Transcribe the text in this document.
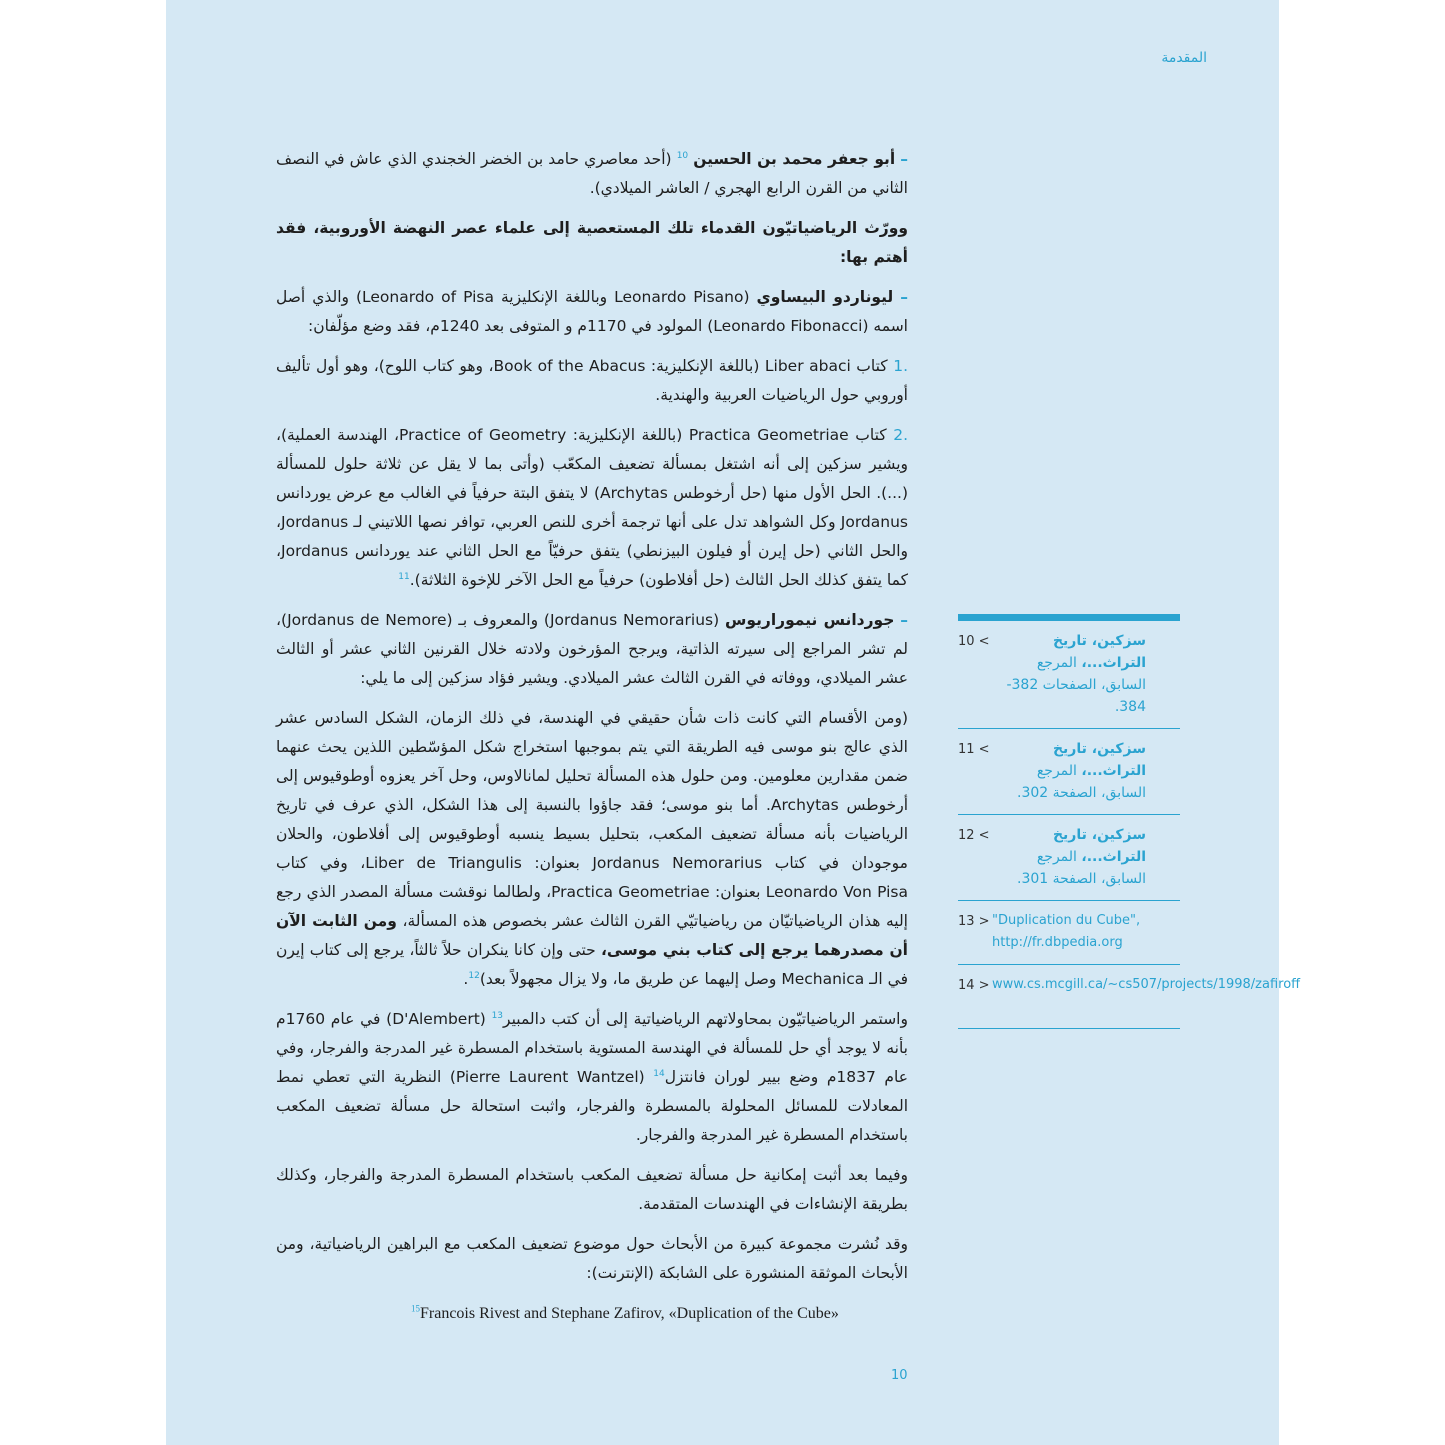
المقدمة

– أبو جعفر محمد بن الحسين $^{10}$ (أحد معاصري حامد بن الخضر الخجندي الذي عاش في النصف الثاني من القرن الرابع الهجري / العاشر الميلادي).

وورّث الرياضياتيّون القدماء تلك المستعصية إلى علماء عصر النهضة الأوروبية، فقد أهتم بها:

– ليوناردو البيساوي (Leonardo Pisano وباللغة الإنكليزية Leonardo of Pisa) والذي أصل اسمه (Leonardo Fibonacci) المولود في 1170م و المتوفى بعد 1240م، فقد وضع مؤلّفان:

.1 كتاب Liber abaci (باللغة الإنكليزية: Book of the Abacus، وهو كتاب اللوح)، وهو أول تأليف أوروبي حول الرياضيات العربية والهندية.

.2 كتاب Practica Geometriae (باللغة الإنكليزية: Practice of Geometry، الهندسة العملية)، ويشير سزكين إلى أنه اشتغل بمسألة تضعيف المكعّب (وأتى بما لا يقل عن ثلاثة حلول للمسألة (...). الحل الأول منها (حل أرخوطس Archytas) لا يتفق البتة حرفياً في الغالب مع عرض يوردانس Jordanus وكل الشواهد تدل على أنها ترجمة أخرى للنص العربي، توافر نصها اللاتيني لـ Jordanus، والحل الثاني (حل إيرن أو فيلون البيزنطي) يتفق حرفيّاً مع الحل الثاني عند يوردانس Jordanus، كما يتفق كذلك الحل الثالث (حل أفلاطون) حرفياً مع الحل الآخر للإخوة الثلاثة).$^{11}$

– جوردانس نيموراريوس (Jordanus Nemorarius) والمعروف بـ (Jordanus de Nemore)، لم تشر المراجع إلى سيرته الذاتية، ويرجح المؤرخون ولادته خلال القرنين الثاني عشر أو الثالث عشر الميلادي، ووفاته في القرن الثالث عشر الميلادي. ويشير فؤاد سزكين إلى ما يلي:

(ومن الأقسام التي كانت ذات شأن حقيقي في الهندسة، في ذلك الزمان، الشكل السادس عشر الذي عالج بنو موسى فيه الطريقة التي يتم بموجبها استخراج شكل المؤسّطين اللذين يحث عنهما ضمن مقدارين معلومين. ومن حلول هذه المسألة تحليل لمانالاوس، وحل آخر يعزوه أوطوقيوس إلى أرخوطس Archytas. أما بنو موسى؛ فقد جاؤوا بالنسبة إلى هذا الشكل، الذي عرف في تاريخ الرياضيات بأنه مسألة تضعيف المكعب، بتحليل بسيط ينسبه أوطوقيوس إلى أفلاطون، والحلان موجودان في كتاب Jordanus Nemorarius بعنوان: Liber de Triangulis، وفي كتاب Leonardo Von Pisa بعنوان: Practica Geometriae، ولطالما نوقشت مسألة المصدر الذي رجع إليه هذان الرياضياتيّان من رياضياتيّي القرن الثالث عشر بخصوص هذه المسألة، ومن الثابت الآن أن مصدرهما يرجع إلى كتاب بني موسى، حتى وإن كانا ينكران حلاً ثالثاً، يرجع إلى كتاب إيرن في الـ Mechanica وصل إليهما عن طريق ما، ولا يزال مجهولاً بعد)$^{12}$.

واستمر الرياضياتيّون بمحاولاتهم الرياضياتية إلى أن كتب دالمبير$^{13}$ (D'Alembert) في عام 1760م بأنه لا يوجد أي حل للمسألة في الهندسة المستوية باستخدام المسطرة غير المدرجة والفرجار، وفي عام 1837م وضع بيير لوران فانتزل$^{14}$ (Pierre Laurent Wantzel) النظرية التي تعطي نمط المعادلات للمسائل المحلولة بالمسطرة والفرجار، واثبت استحالة حل مسألة تضعيف المكعب باستخدام المسطرة غير المدرجة والفرجار.

وفيما بعد أثبت إمكانية حل مسألة تضعيف المكعب باستخدام المسطرة المدرجة والفرجار، وكذلك بطريقة الإنشاءات في الهندسات المتقدمة.

وقد نُشرت مجموعة كبيرة من الأبحاث حول موضوع تضعيف المكعب مع البراهين الرياضياتية، ومن الأبحاث الموثقة المنشورة على الشابكة (الإنترنت):

$^{15}$Francois Rivest and Stephane Zafirov, «Duplication of the Cube»

10 <	سزكين، تاريخ التراث...، المرجع السابق، الصفحات 382-384.
11 <	سزكين، تاريخ التراث...، المرجع السابق، الصفحة 302.
12 <	سزكين، تاريخ التراث...، المرجع السابق، الصفحة 301.
13 > "Duplication du Cube", http://fr.dbpedia.org
14 > www.cs.mcgill.ca/~cs507/projects/1998/zafiroff
10
